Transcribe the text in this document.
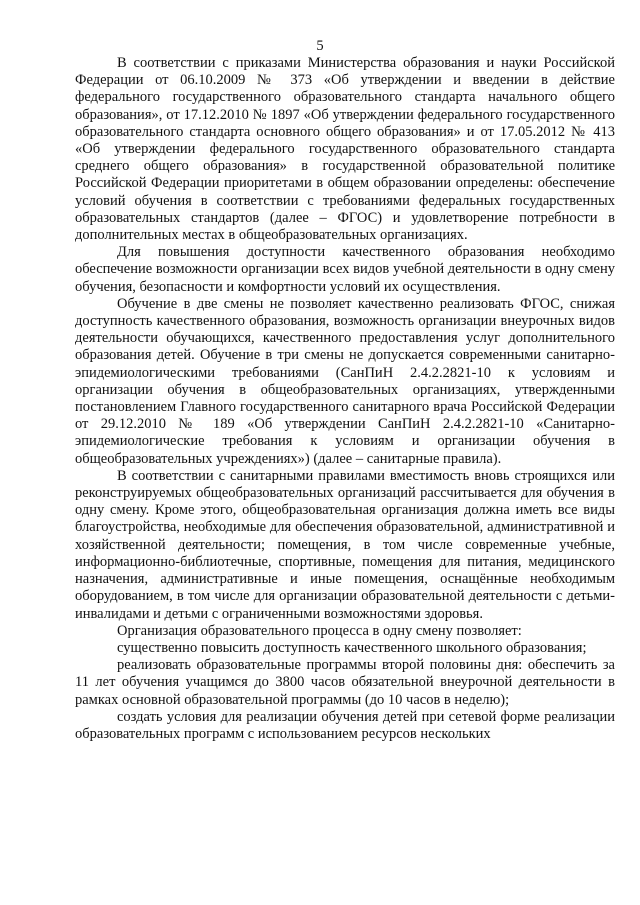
5

В соответствии с приказами Министерства образования и науки Российской Федерации от 06.10.2009 № 373 «Об утверждении и введении в действие федерального государственного образовательного стандарта начального общего образования», от 17.12.2010 № 1897 «Об утверждении федерального государственного образовательного стандарта основного общего образования» и от 17.05.2012 № 413 «Об утверждении федерального государственного образовательного стандарта среднего общего образования» в государственной образовательной политике Российской Федерации приоритетами в общем образовании определены: обеспечение условий обучения в соответствии с требованиями федеральных государственных образовательных стандартов (далее – ФГОС) и удовлетворение потребности в дополнительных местах в общеобразовательных организациях.

Для повышения доступности качественного образования необходимо обеспечение возможности организации всех видов учебной деятельности в одну смену обучения, безопасности и комфортности условий их осуществления.

Обучение в две смены не позволяет качественно реализовать ФГОС, снижая доступность качественного образования, возможность организации внеурочных видов деятельности обучающихся, качественного предоставления услуг дополнительного образования детей. Обучение в три смены не допускается современными санитарно-эпидемиологическими требованиями (СанПиН 2.4.2.2821-10 к условиям и организации обучения в общеобразовательных организациях, утвержденными постановлением Главного государственного санитарного врача Российской Федерации от 29.12.2010 № 189 «Об утверждении СанПиН 2.4.2.2821-10 «Санитарно-эпидемиологические требования к условиям и организации обучения в общеобразовательных учреждениях») (далее – санитарные правила).

В соответствии с санитарными правилами вместимость вновь строящихся или реконструируемых общеобразовательных организаций рассчитывается для обучения в одну смену. Кроме этого, общеобразовательная организация должна иметь все виды благоустройства, необходимые для обеспечения образовательной, административной и хозяйственной деятельности; помещения, в том числе современные учебные, информационно-библиотечные, спортивные, помещения для питания, медицинского назначения, административные и иные помещения, оснащённые необходимым оборудованием, в том числе для организации образовательной деятельности с детьми-инвалидами и детьми с ограниченными возможностями здоровья.

Организация образовательного процесса в одну смену позволяет:

существенно повысить доступность качественного школьного образования;

реализовать образовательные программы второй половины дня: обеспечить за 11 лет обучения учащимся до 3800 часов обязательной внеурочной деятельности в рамках основной образовательной программы (до 10 часов в неделю);

создать условия для реализации обучения детей при сетевой форме реализации образовательных программ с использованием ресурсов нескольких
